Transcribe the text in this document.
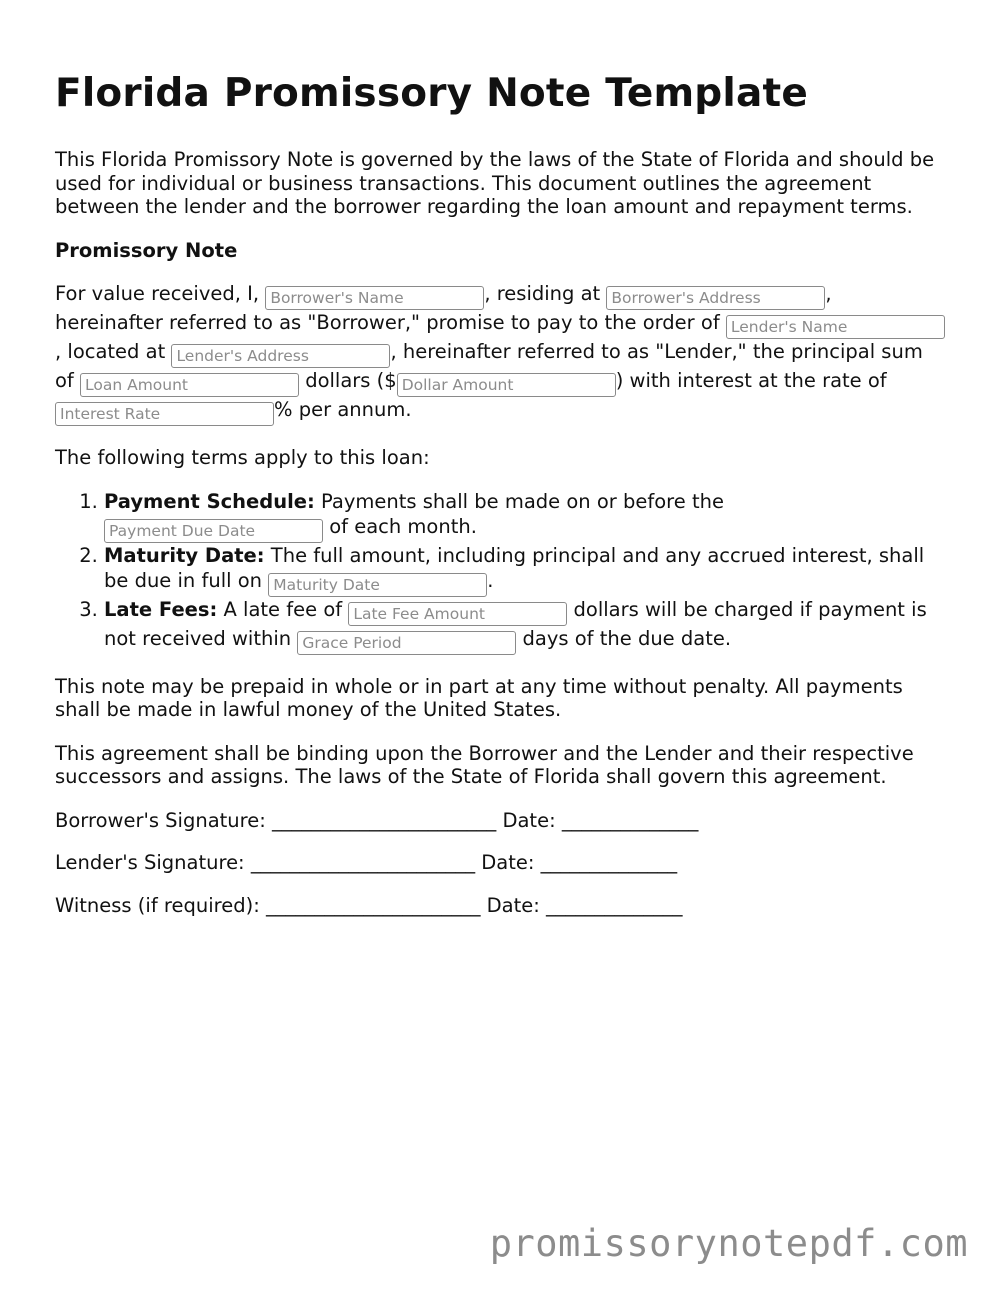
Florida Promissory Note Template

This Florida Promissory Note is governed by the laws of the State of Florida and should be used for individual or business transactions. This document outlines the agreement between the lender and the borrower regarding the loan amount and repayment terms.

Promissory Note

For value received, I, Borrower's Name	, residing at Borrower's Address	, hereinafter referred to as "Borrower," promise to pay to the order of Lender's Name, located at Lender's Address	, hereinafter referred to as "Lender," the principal sum of Loan Amount	dollars ($Dollar Amount	) with interest at the rate of Interest Rate% per annum.

The following terms apply to this loan:

1. Payment Schedule: Payments shall be made on or before the Payment Due Date of each month.
2. Maturity Date: The full amount, including principal and any accrued interest, shall be due in full on Maturity Date	.
3. Late Fees: A late fee of Late Fee Amount	dollars will be charged if payment is not received within Grace Period	days of the due date.

This note may be prepaid in whole or in part at any time without penalty. All payments shall be made in lawful money of the United States.

This agreement shall be binding upon the Borrower and the Lender and their respective successors and assigns. The laws of the State of Florida shall govern this agreement.

Borrower's Signature: _______________________ Date: ______________
Lender's Signature: _______________________ Date: ______________
Witness (if required): ______________________ Date: ______________
promissorynotepdf.com
